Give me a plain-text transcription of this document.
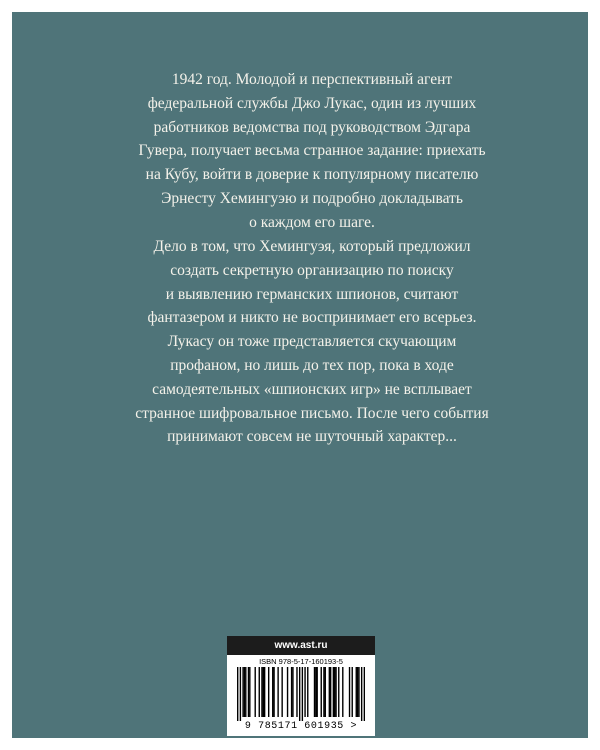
1942 год. Молодой и перспективный агент
федеральной службы Джо Лукас, один из лучших
работников ведомства под руководством Эдгара
Гувера, получает весьма странное задание: приехать
на Кубу, войти в доверие к популярному писателю
Эрнесту Хемингуэю и подробно докладывать
о каждом его шаге.
Дело в том, что Хемингуэя, который предложил
создать секретную организацию по поиску
и выявлению германских шпионов, считают
фантазером и никто не воспринимает его всерьез.
Лукасу он тоже представляется скучающим
профаном, но лишь до тех пор, пока в ходе
самодеятельных «шпионских игр» не всплывает
странное шифровальное письмо. После чего события
принимают совсем не шуточный характер...
www.ast.ru
ISBN 978-5-17-160193-5
9 785171 601935 >
